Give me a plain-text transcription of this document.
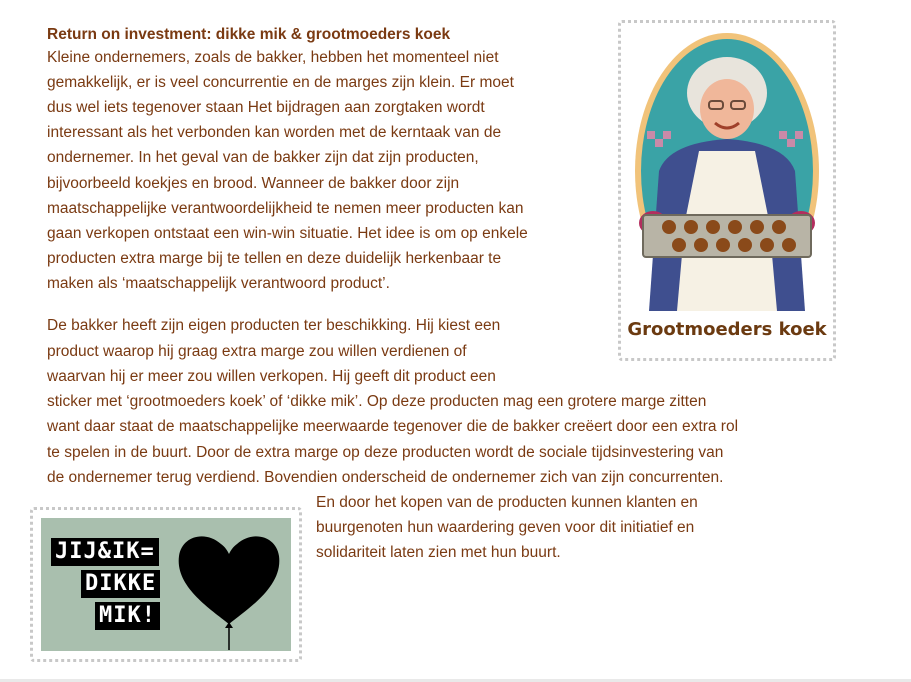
Return on investment: dikke mik & grootmoeders koek

Kleine ondernemers, zoals de bakker, hebben het momenteel niet

gemakkelijk, er is veel concurrentie en de marges zijn klein. Er moet

dus wel iets tegenover staan Het bijdragen aan zorgtaken wordt

interessant als het verbonden kan worden met de kerntaak van de

ondernemer. In het geval van de bakker zijn dat zijn producten,

bijvoorbeeld koekjes en brood. Wanneer de bakker door zijn

maatschappelijke verantwoordelijkheid te nemen meer producten kan

gaan verkopen ontstaat een win-win situatie. Het idee is om op enkele

producten extra marge bij te tellen en deze duidelijk herkenbaar te

maken als ‘maatschappelijk verantwoord product’.

De bakker heeft zijn eigen producten ter beschikking. Hij kiest een

product waarop hij graag extra marge zou willen verdienen of

waarvan hij er meer zou willen verkopen. Hij geeft dit product een

sticker met ‘grootmoeders koek’ of ‘dikke mik’. Op deze producten mag een grotere marge zitten

want daar staat de maatschappelijke meerwaarde tegenover die de bakker creëert door een extra rol

te spelen in de buurt. Door de extra marge op deze producten wordt de sociale tijdsinvestering van

de ondernemer terug verdiend. Bovendien onderscheid de ondernemer zich van zijn concurrenten.

En door het kopen van de producten kunnen klanten en

buurgenoten hun waardering geven voor dit initiatief en

solidariteit laten zien met hun buurt.

Grootmoeders koek
JIJ&IK=
DIKKE
MIK!
